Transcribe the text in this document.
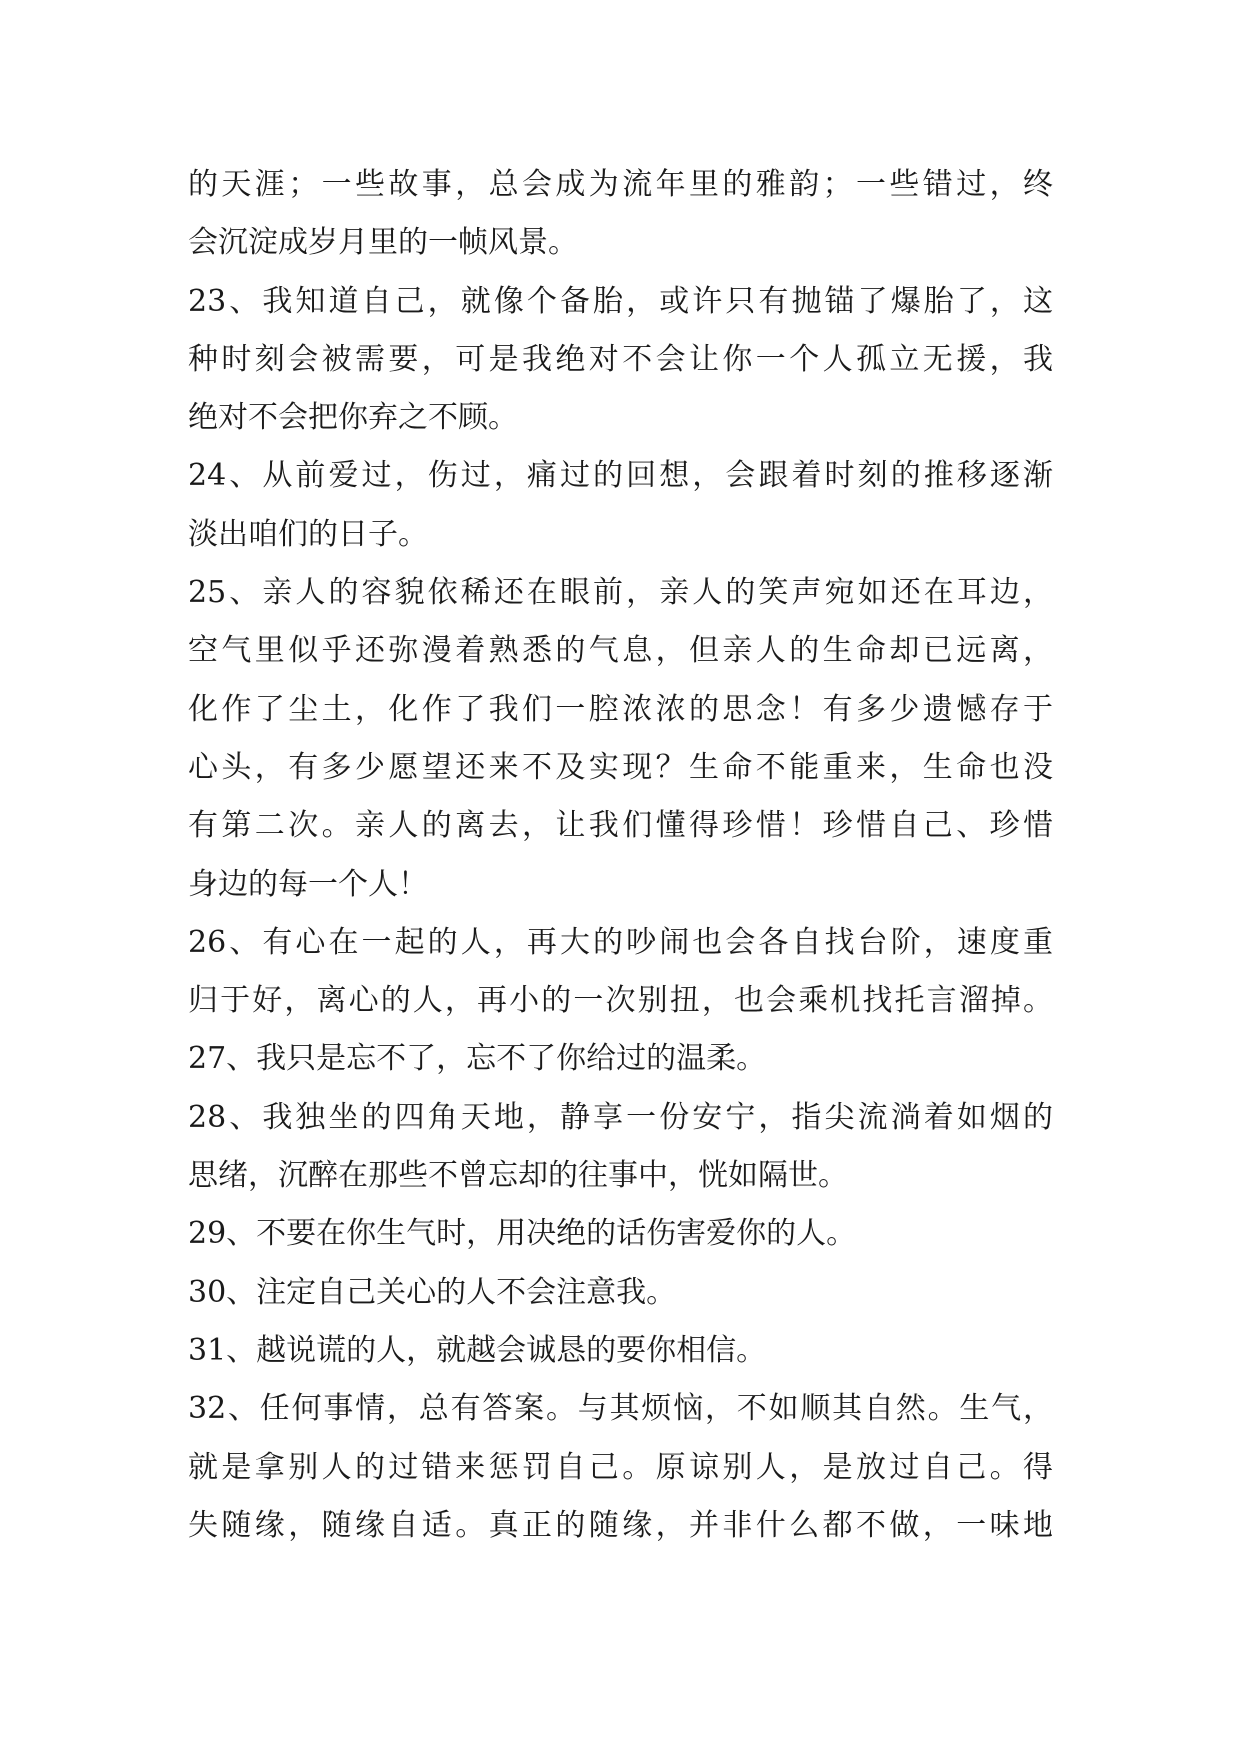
的天涯；一些故事，总会成为流年里的雅韵；一些错过，终
会沉淀成岁月里的一帧风景。
23、我知道自己，就像个备胎，或许只有抛锚了爆胎了，这
种时刻会被需要，可是我绝对不会让你一个人孤立无援，我
绝对不会把你弃之不顾。
24、从前爱过，伤过，痛过的回想，会跟着时刻的推移逐渐
淡出咱们的日子。
25、亲人的容貌依稀还在眼前，亲人的笑声宛如还在耳边，
空气里似乎还弥漫着熟悉的气息，但亲人的生命却已远离，
化作了尘土，化作了我们一腔浓浓的思念！有多少遗憾存于
心头，有多少愿望还来不及实现？生命不能重来，生命也没
有第二次。亲人的离去，让我们懂得珍惜！珍惜自己、珍惜
身边的每一个人！
26、有心在一起的人，再大的吵闹也会各自找台阶，速度重
归于好，离心的人，再小的一次别扭，也会乘机找托言溜掉。
27、我只是忘不了，忘不了你给过的温柔。
28、我独坐的四角天地，静享一份安宁，指尖流淌着如烟的
思绪，沉醉在那些不曾忘却的往事中，恍如隔世。
29、不要在你生气时，用决绝的话伤害爱你的人。
30、注定自己关心的人不会注意我。
31、越说谎的人，就越会诚恳的要你相信。
32、任何事情，总有答案。与其烦恼，不如顺其自然。生气，
就是拿别人的过错来惩罚自己。原谅别人，是放过自己。得
失随缘，随缘自适。真正的随缘，并非什么都不做，一味地
